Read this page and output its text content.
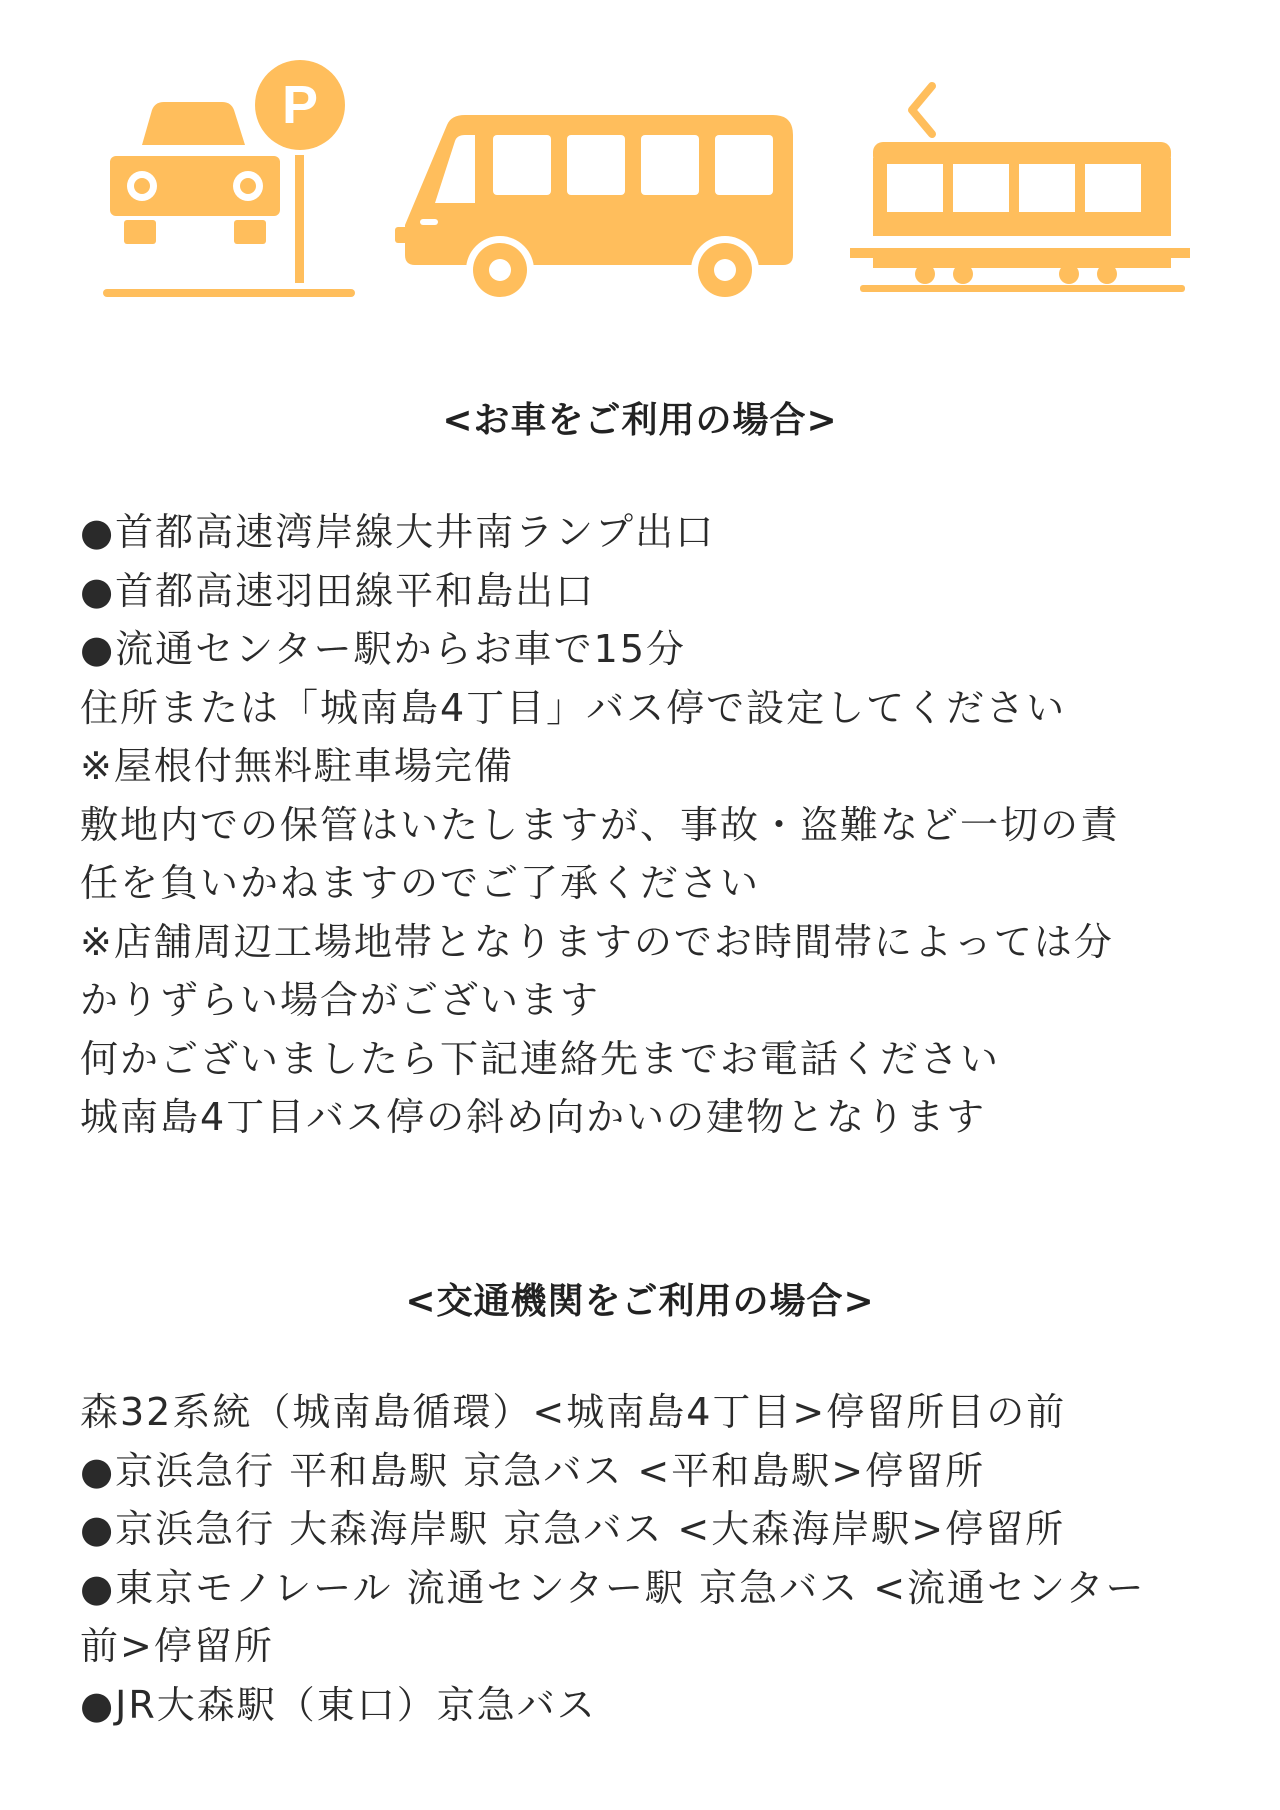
P
<お車をご利用の場合>
●首都高速湾岸線大井南ランプ出口
●首都高速羽田線平和島出口
●流通センター駅からお車で15分
住所または「城南島4丁目」バス停で設定してください
※屋根付無料駐車場完備
敷地内での保管はいたしますが、事故・盗難など一切の責
任を負いかねますのでご了承ください
※店舗周辺工場地帯となりますのでお時間帯によっては分
かりずらい場合がございます
何かございましたら下記連絡先までお電話ください
城南島4丁目バス停の斜め向かいの建物となります
<交通機関をご利用の場合>
森32系統（城南島循環）<城南島4丁目>停留所目の前
●京浜急行 平和島駅 京急バス <平和島駅>停留所
●京浜急行 大森海岸駅 京急バス <大森海岸駅>停留所
●東京モノレール 流通センター駅 京急バス <流通センター
前>停留所
●JR大森駅（東口）京急バス
